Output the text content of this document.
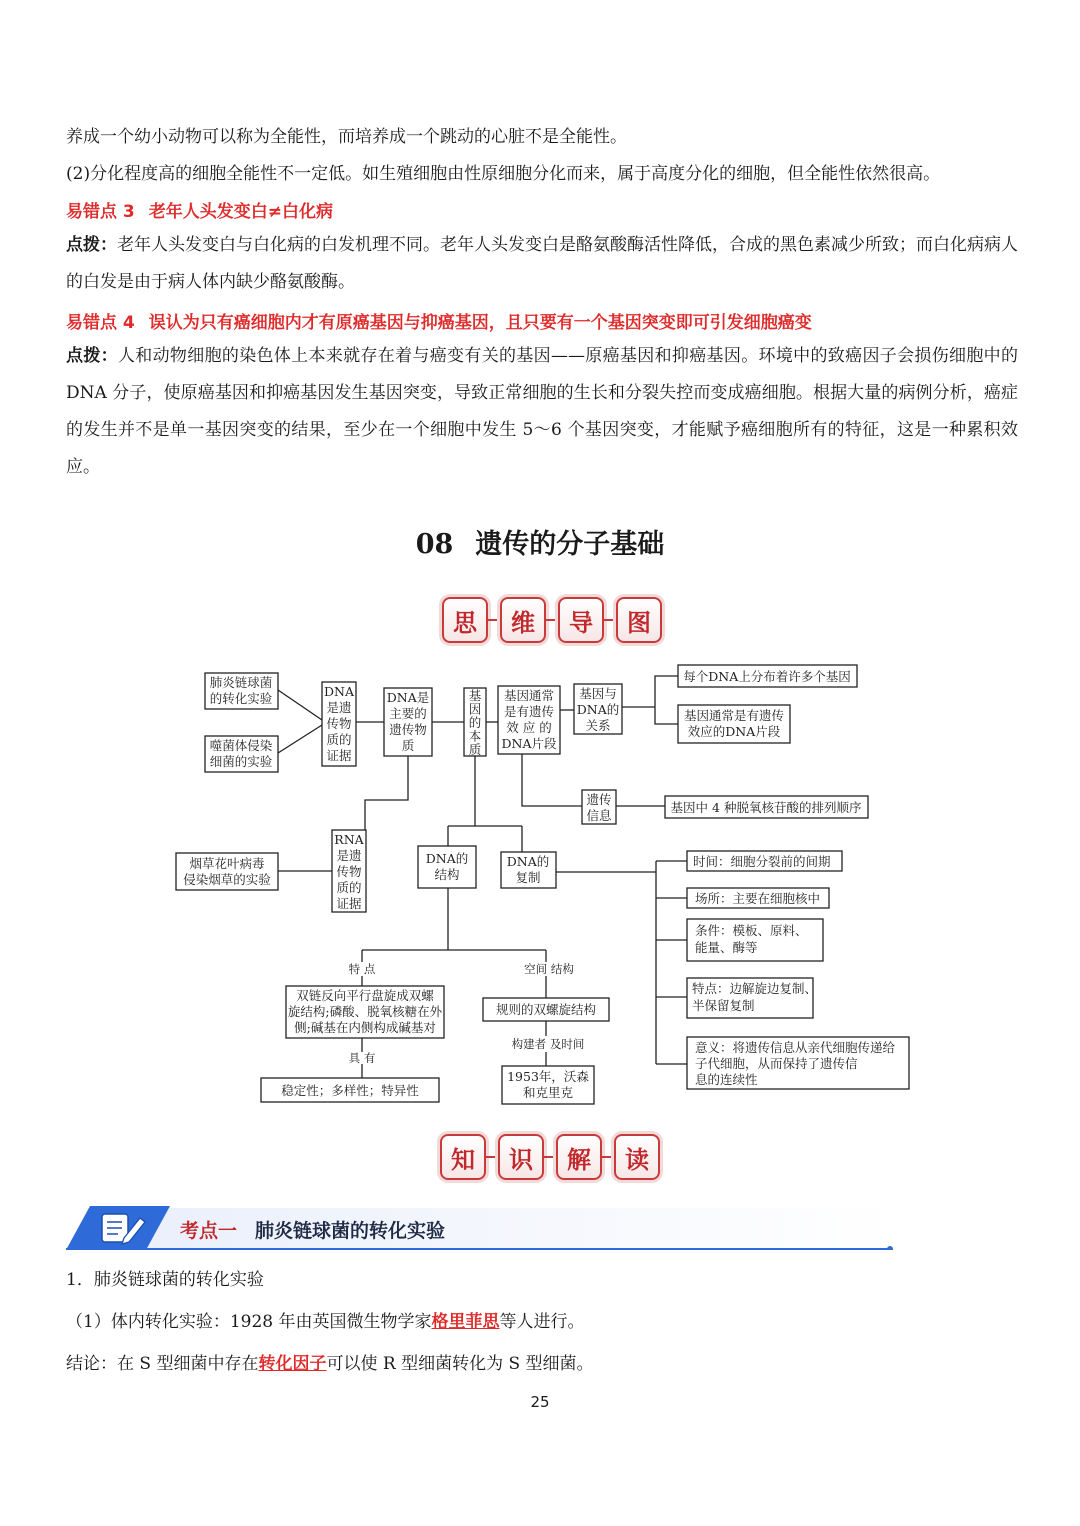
养成一个幼小动物可以称为全能性，而培养成一个跳动的心脏不是全能性。
(2)分化程度高的细胞全能性不一定低。如生殖细胞由性原细胞分化而来，属于高度分化的细胞，但全能性依然很高。
易错点 3 老年人头发变白≠白化病
点拨：老年人头发变白与白化病的白发机理不同。老年人头发变白是酪氨酸酶活性降低，合成的黑色素减少所致；而白化病病人的白发是由于病人体内缺少酪氨酸酶。
易错点 4 误认为只有癌细胞内才有原癌基因与抑癌基因，且只要有一个基因突变即可引发细胞癌变
点拨：人和动物细胞的染色体上本来就存在着与癌变有关的基因——原癌基因和抑癌基因。环境中的致癌因子会损伤细胞中的 DNA 分子，使原癌基因和抑癌基因发生基因突变，导致正常细胞的生长和分裂失控而变成癌细胞。根据大量的病例分析，癌症的发生并不是单一基因突变的结果，至少在一个细胞中发生 5～6 个基因突变，才能赋予癌细胞所有的特征，这是一种累积效应。
08 遗传的分子基础
思	维	导	图
肺炎链球菌的转化实验
噬菌体侵染细菌的实验
DNA 是遗传物质的证据
DNA是主要的遗传物质
基因的本质
基因通常是有遗传效 应 的 DNA片段
基因与 DNA的关系
每个DNA上分布着许多个基因
基因通常是有遗传效应的DNA片段
遗传信息
基因中 4 种脱氧核苷酸的排列顺序
烟草花叶病毒侵染烟草的实验
RNA 是遗传物质的证据
DNA的结构
DNA的复制
时间：细胞分裂前的间期
场所：主要在细胞核中
条件：模板、原料、能量、酶等
特点：边解旋边复制、半保留复制
意义：将遗传信息从亲代细胞传递给子代细胞，从而保持了遗传信息的连续性
特 点	空间 结构
双链反向平行盘旋成双螺旋结构;磷酸、脱氧核糖在外侧;碱基在内侧构成碱基对
规则的双螺旋结构
具 有
构建者 及时间
稳定性；多样性；特异性
1953年，沃森和克里克
知	识	解	读
考点一 肺炎链球菌的转化实验
1．肺炎链球菌的转化实验
（1）体内转化实验：1928 年由英国微生物学家格里菲思等人进行。
结论：在 S 型细菌中存在转化因子可以使 R 型细菌转化为 S 型细菌。
25
